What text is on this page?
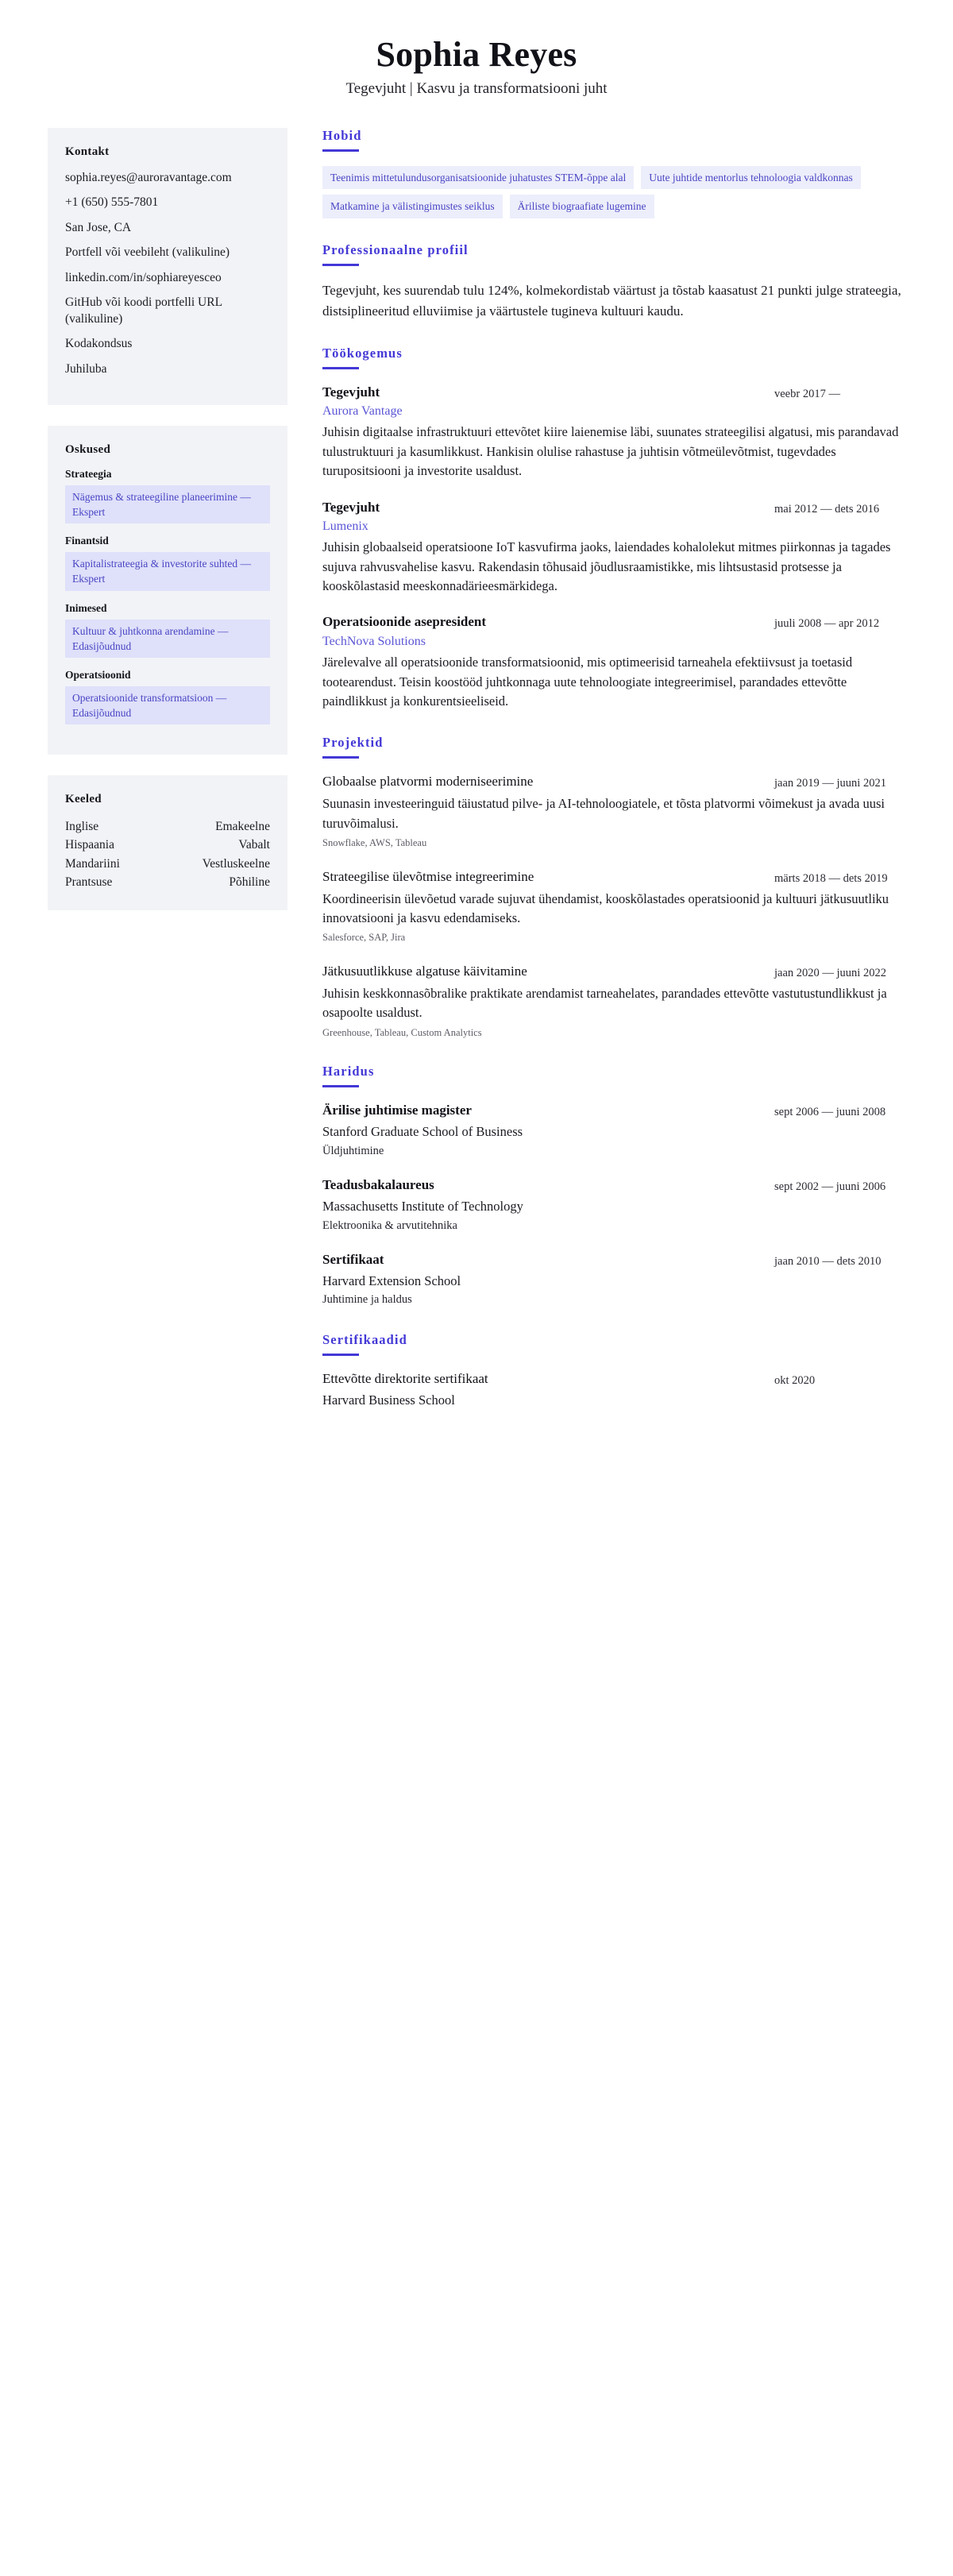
Sophia Reyes
Tegevjuht | Kasvu ja transformatsiooni juht
Kontakt
sophia.reyes@auroravantage.com
+1 (650) 555-7801
San Jose, CA
Portfell või veebileht (valikuline)
linkedin.com/in/sophiareyesceo
GitHub või koodi portfelli URL (valikuline)
Kodakondsus
Juhiluba
Oskused
Strateegia
Nägemus & strateegiline planeerimine — Ekspert
Finantsid
Kapitalistrateegia & investorite suhted — Ekspert
Inimesed
Kultuur & juhtkonna arendamine — Edasijõudnud
Operatsioonid
Operatsioonide transformatsioon — Edasijõudnud
Keeled
Inglise	Emakeelne
Hispaania	Vabalt
Mandariini	Vestluskeelne
Prantsuse	Põhiline
Hobid
Teenimis mittetulundusorganisatsioonide juhatustes STEM-õppe alal	Uute juhtide mentorlus tehnoloogia valdkonnas
Matkamine ja välistingimustes seiklus	Äriliste biograafiate lugemine
Professionaalne profiil
Tegevjuht, kes suurendab tulu 124%, kolmekordistab väärtust ja tõstab kaasatust 21 punkti julge strateegia, distsiplineeritud elluviimise ja väärtustele tugineva kultuuri kaudu.
Töökogemus
Tegevjuht
Aurora Vantage
veebr 2017 —
Juhisin digitaalse infrastruktuuri ettevõtet kiire laienemise läbi, suunates strateegilisi algatusi, mis parandavad tulustruktuuri ja kasumlikkust. Hankisin olulise rahastuse ja juhtisin võtmeülevõtmist, tugevdades turupositsiooni ja investorite usaldust.
Tegevjuht
Lumenix
mai 2012 — dets 2016
Juhisin globaalseid operatsioone IoT kasvufirma jaoks, laiendades kohalolekut mitmes piirkonnas ja tagades sujuva rahvusvahelise kasvu. Rakendasin tõhusaid jõudlusraamistikke, mis lihtsustasid protsesse ja kooskõlastasid meeskonnadärieesmärkidega.
Operatsioonide asepresident
TechNova Solutions
juuli 2008 — apr 2012
Järelevalve all operatsioonide transformatsioonid, mis optimeerisid tarneahela efektiivsust ja toetasid tootearendust. Teisin koostööd juhtkonnaga uute tehnoloogiate integreerimisel, parandades ettevõtte paindlikkust ja konkurentsieeliseid.
Projektid
Globaalse platvormi moderniseerimine	jaan 2019 — juuni 2021
Suunasin investeeringuid täiustatud pilve- ja AI-tehnoloogiatele, et tõsta platvormi võimekust ja avada uusi turuvõimalusi.
Snowflake, AWS, Tableau
Strateegilise ülevõtmise integreerimine	märts 2018 — dets 2019
Koordineerisin ülevõetud varade sujuvat ühendamist, kooskõlastades operatsioonid ja kultuuri jätkusuutliku innovatsiooni ja kasvu edendamiseks.
Salesforce, SAP, Jira
Jätkusuutlikkuse algatuse käivitamine	jaan 2020 — juuni 2022
Juhisin keskkonnasõbralike praktikate arendamist tarneahelates, parandades ettevõtte vastutustundlikkust ja osapoolte usaldust.
Greenhouse, Tableau, Custom Analytics
Haridus
Ärilise juhtimise magister
Stanford Graduate School of Business
sept 2006 — juuni 2008
Üldjuhtimine
Teadusbakalaureus
Massachusetts Institute of Technology
sept 2002 — juuni 2006
Elektroonika & arvutitehnika
Sertifikaat
Harvard Extension School
jaan 2010 — dets 2010
Juhtimine ja haldus
Sertifikaadid
Ettevõtte direktorite sertifikaat
Harvard Business School
okt 2020
